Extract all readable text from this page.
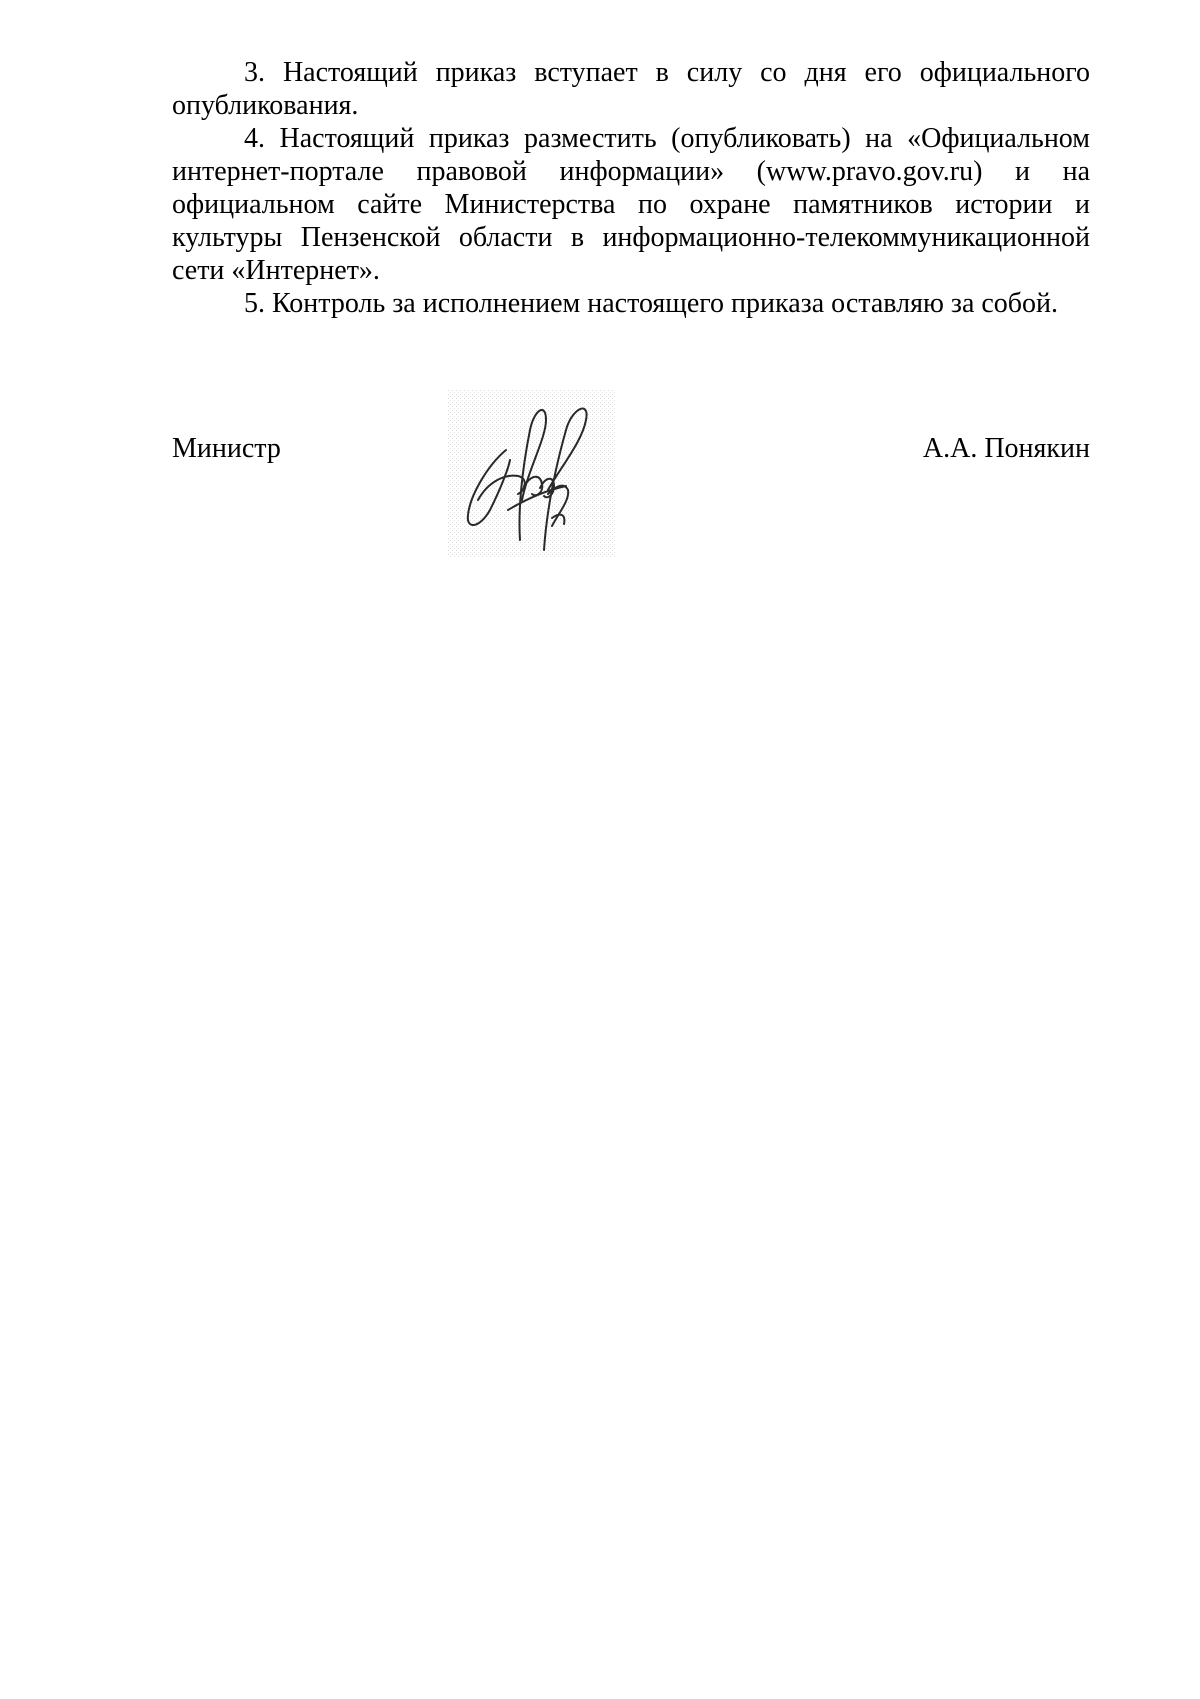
3. Настоящий приказ вступает в силу со дня его официального опубликования.

4. Настоящий приказ разместить (опубликовать) на «Официальном интернет-портале правовой информации» (www.pravo.gov.ru) и на официальном сайте Министерства по охране памятников истории и культуры Пензенской области в информационно-телекоммуникационной сети «Интернет».

5. Контроль за исполнением настоящего приказа оставляю за собой.

Министр	А.А. Понякин
